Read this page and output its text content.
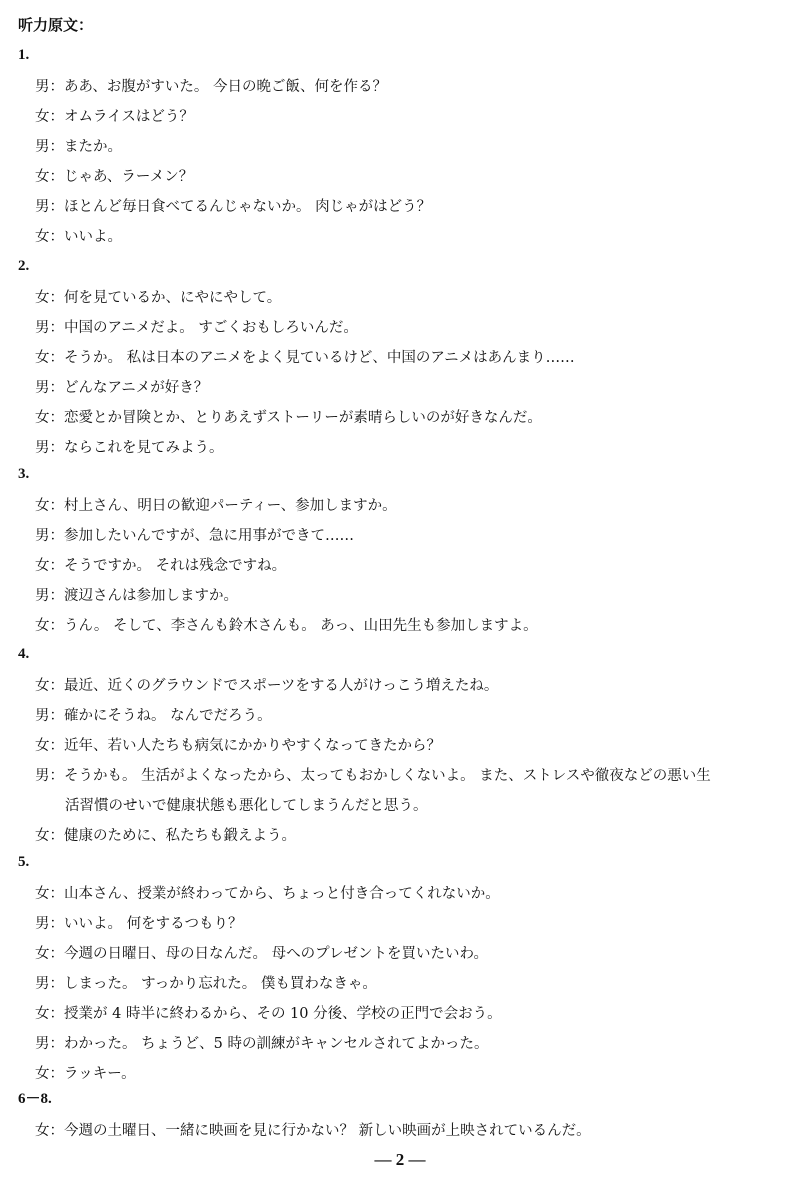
听力原文：
1.
男：ああ、お腹がすいた。 今日の晩ご飯、何を作る？
女：オムライスはどう？
男：またか。
女：じゃあ、ラーメン？
男：ほとんど毎日食べてるんじゃないか。 肉じゃがはどう？
女：いいよ。
2.
女：何を見ているか、にやにやして。
男：中国のアニメだよ。 すごくおもしろいんだ。
女：そうか。 私は日本のアニメをよく見ているけど、中国のアニメはあんまり……
男：どんなアニメが好き？
女：恋愛とか冒険とか、とりあえずストーリーが素晴らしいのが好きなんだ。
男：ならこれを見てみよう。
3.
女：村上さん、明日の歓迎パーティー、参加しますか。
男：参加したいんですが、急に用事ができて……
女：そうですか。 それは残念ですね。
男：渡辺さんは参加しますか。
女：うん。 そして、李さんも鈴木さんも。 あっ、山田先生も参加しますよ。
4.
女：最近、近くのグラウンドでスポーツをする人がけっこう増えたね。
男：確かにそうね。 なんでだろう。
女：近年、若い人たちも病気にかかりやすくなってきたから？
男：そうかも。 生活がよくなったから、太ってもおかしくないよ。 また、ストレスや徹夜などの悪い生
活習慣のせいで健康状態も悪化してしまうんだと思う。
女：健康のために、私たちも鍛えよう。
5.
女：山本さん、授業が終わってから、ちょっと付き合ってくれないか。
男：いいよ。 何をするつもり？
女：今週の日曜日、母の日なんだ。 母へのプレゼントを買いたいわ。
男：しまった。 すっかり忘れた。 僕も買わなきゃ。
女：授業が 4 時半に終わるから、その 10 分後、学校の正門で会おう。
男：わかった。 ちょうど、5 時の訓練がキャンセルされてよかった。
女：ラッキー。
6－8.
女：今週の土曜日、一緒に映画を見に行かない？ 新しい映画が上映されているんだ。
— 2 —
